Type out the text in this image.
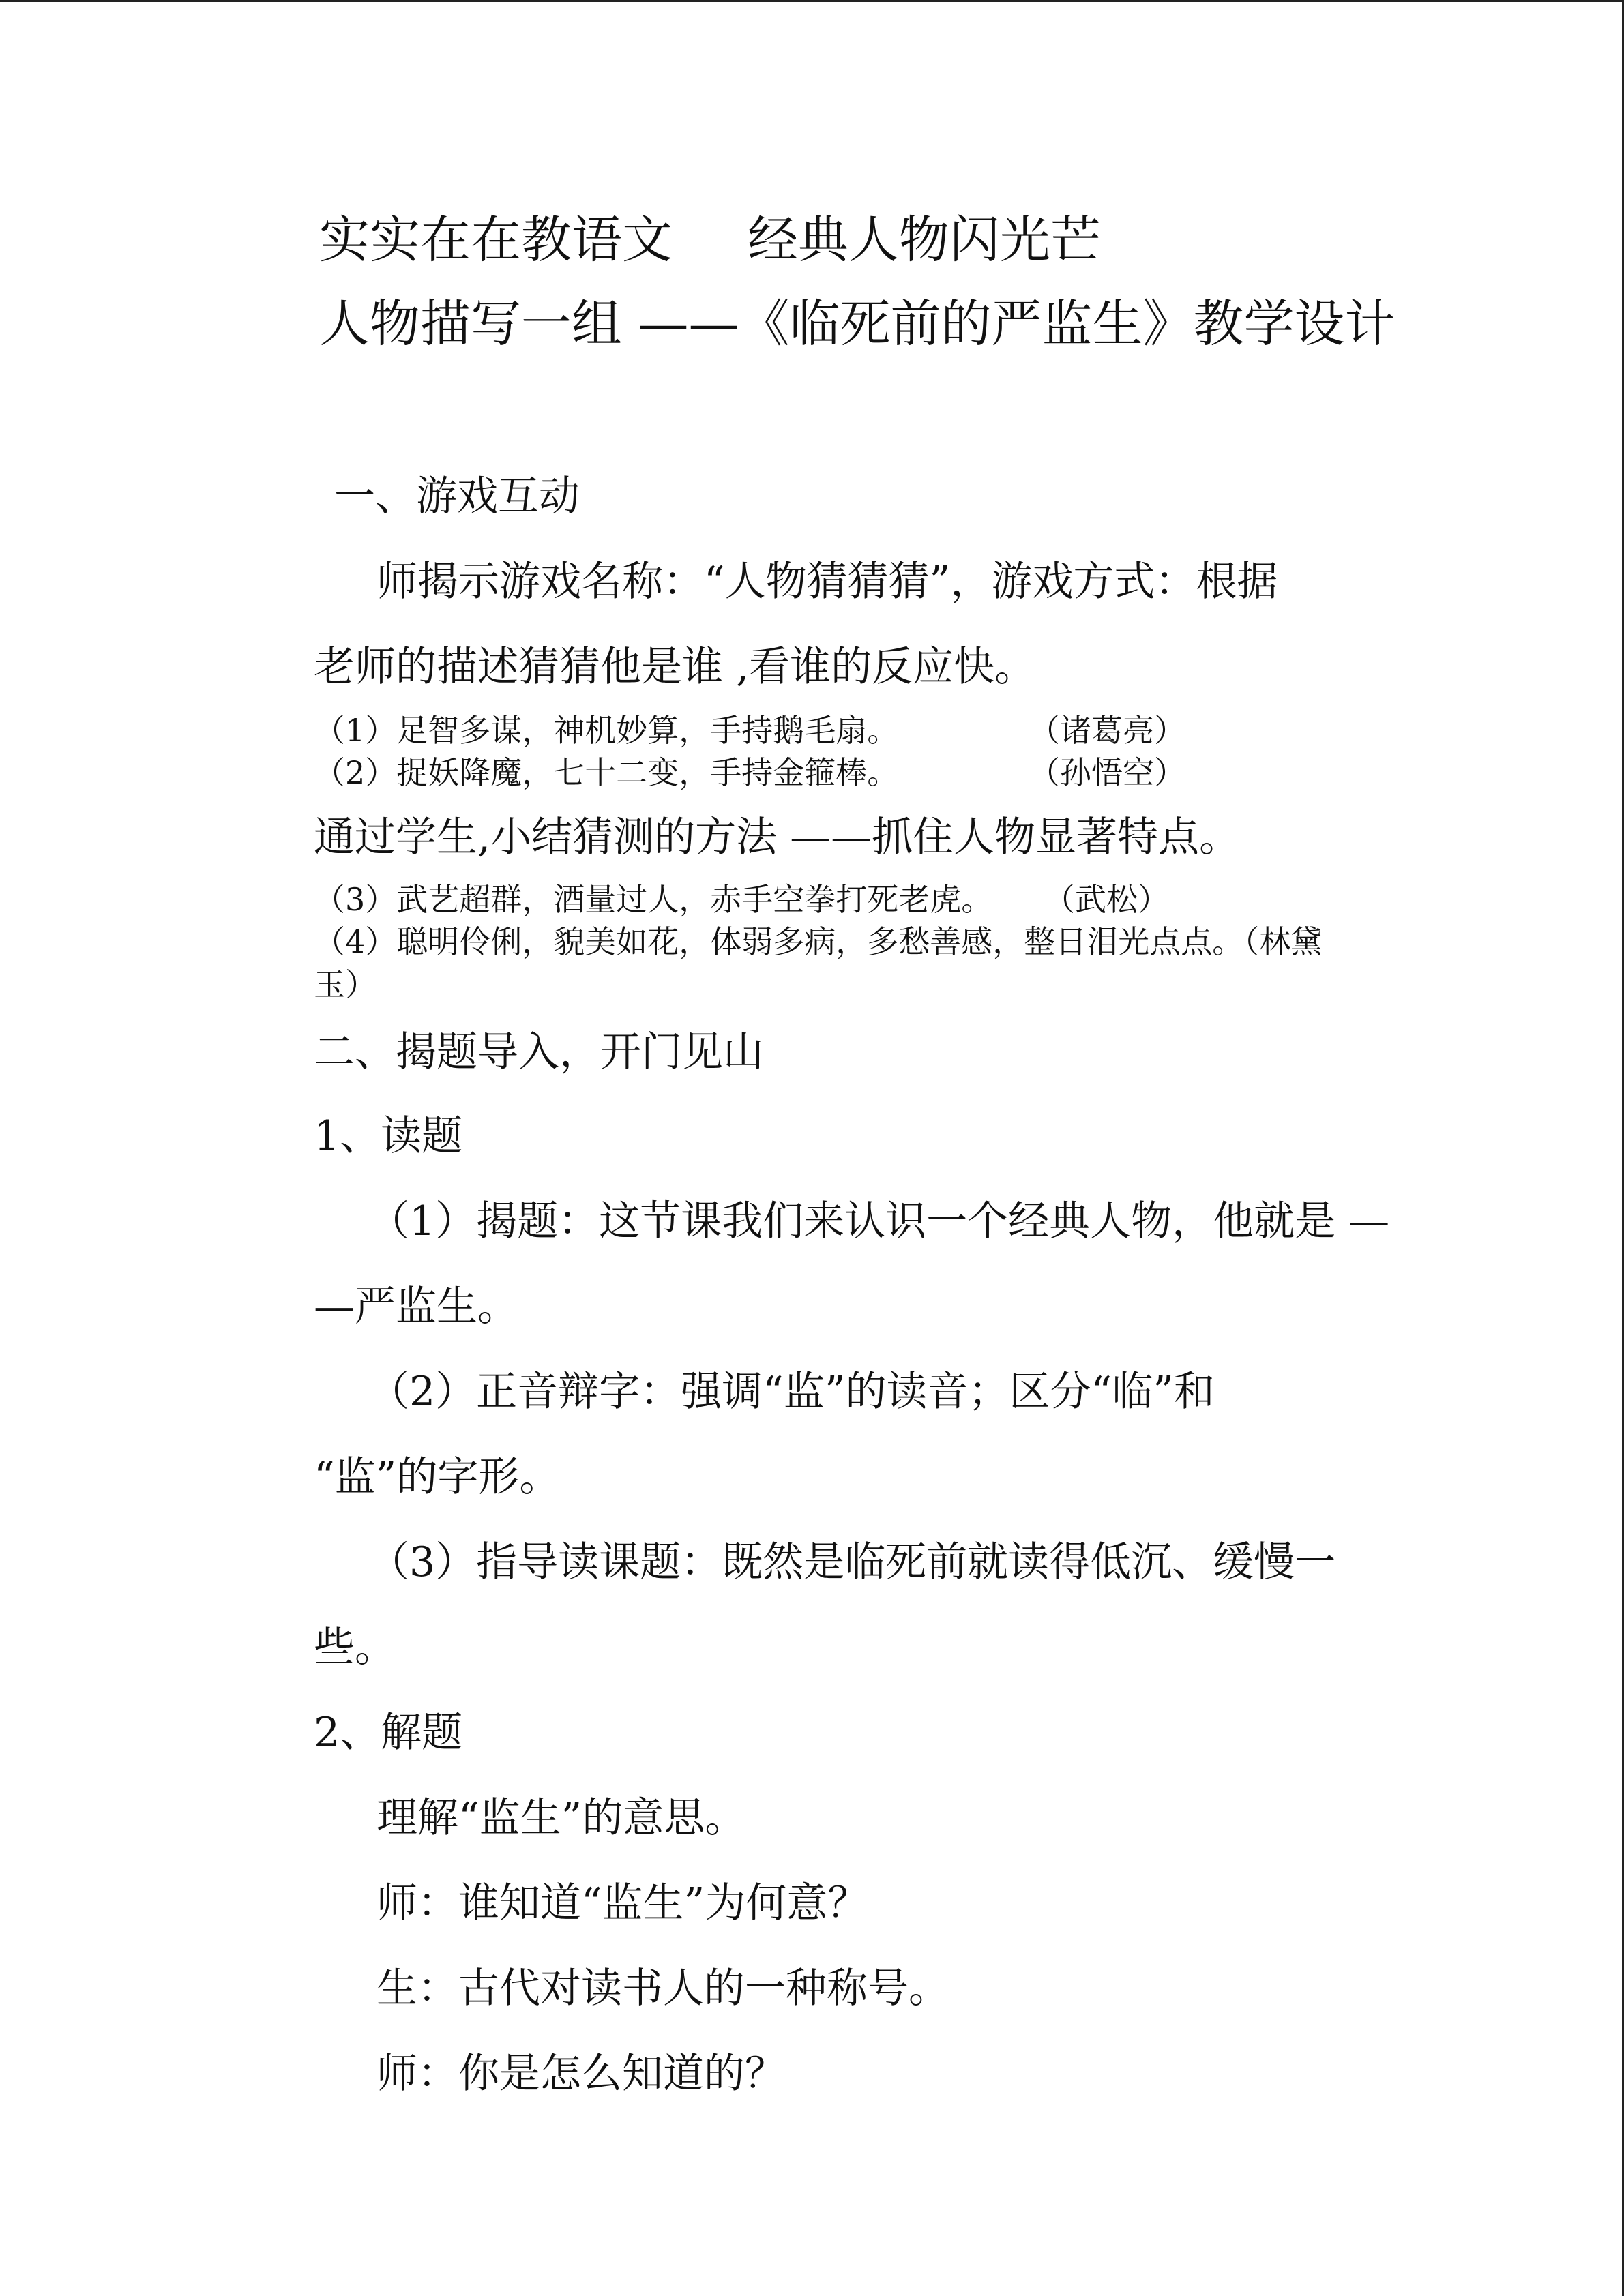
实实在在教语文 经典人物闪光芒
人物描写一组 ——《临死前的严监生》教学设计
一、游戏互动
师揭示游戏名称：“人物猜猜猜”，游戏方式：根据
老师的描述猜猜他是谁 ,看谁的反应快。
（1）足智多谋，神机妙算，手持鹅毛扇。	（诸葛亮）
（2）捉妖降魔，七十二变，手持金箍棒。	（孙悟空）
通过学生,小结猜测的方法 ——抓住人物显著特点。
（3）武艺超群，酒量过人，赤手空拳打死老虎。 （武松）
（4）聪明伶俐，貌美如花，体弱多病，多愁善感，整日泪光点点。（林黛
玉）
二、揭题导入，开门见山
1、读题
（1）揭题：这节课我们来认识一个经典人物，他就是 —
—严监生。
（2）正音辩字：强调“监”的读音；区分“临”和
“监”的字形。
（3）指导读课题：既然是临死前就读得低沉、缓慢一
些。
2、解题
理解“监生”的意思。
师：谁知道“监生”为何意？
生：古代对读书人的一种称号。
师：你是怎么知道的？
